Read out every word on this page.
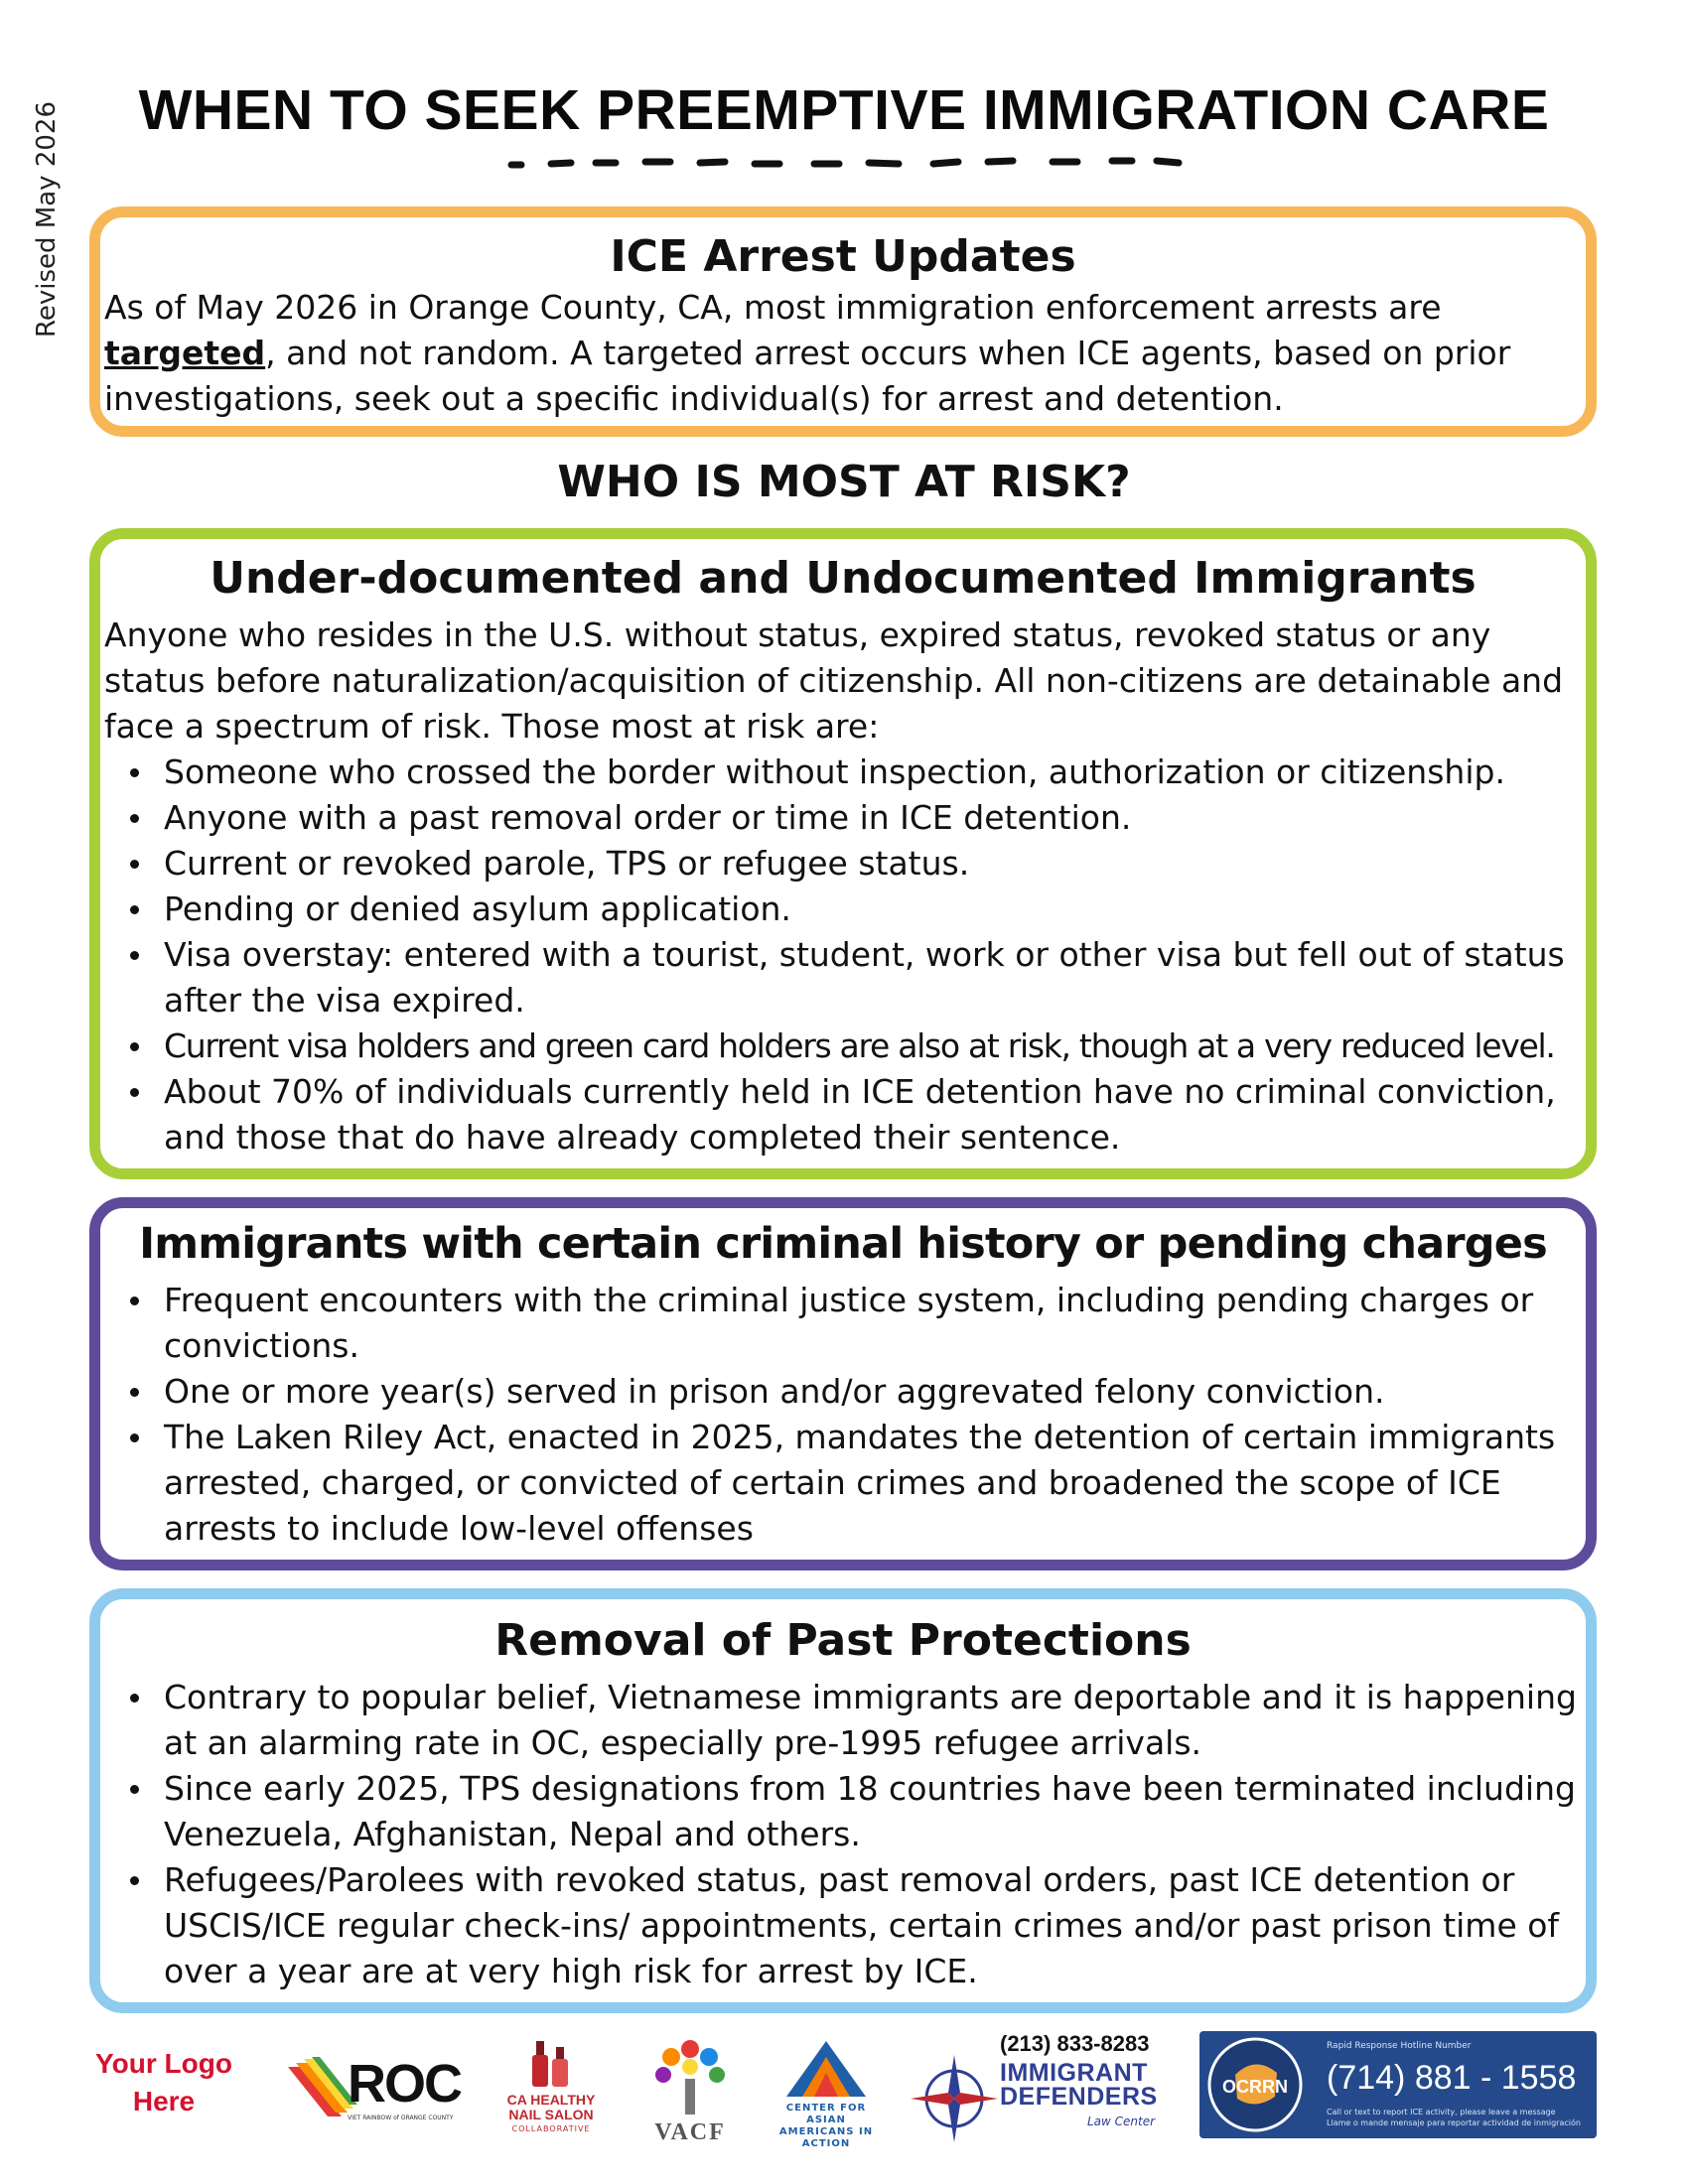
Revised May 2026	WHEN TO SEEK PREEMPTIVE IMMIGRATION CARE
ICE Arrest Updates

As of May 2026 in Orange County, CA, most immigration enforcement arrests are targeted, and not random. A targeted arrest occurs when ICE agents, based on prior investigations, seek out a specific individual(s) for arrest and detention.

WHO IS MOST AT RISK?
Under-documented and Undocumented Immigrants

Anyone who resides in the U.S. without status, expired status, revoked status or any status before naturalization/acquisition of citizenship. All non-citizens are detainable and face a spectrum of risk. Those most at risk are:

Someone who crossed the border without inspection, authorization or citizenship.
Anyone with a past removal order or time in ICE detention.
Current or revoked parole, TPS or refugee status.
Pending or denied asylum application.
Visa overstay: entered with a tourist, student, work or other visa but fell out of status after the visa expired.
Current visa holders and green card holders are also at risk, though at a very reduced level.
About 70% of individuals currently held in ICE detention have no criminal conviction, and those that do have already completed their sentence.
Immigrants with certain criminal history or pending charges
Frequent encounters with the criminal justice system, including pending charges or convictions.
One or more year(s) served in prison and/or aggrevated felony conviction.
The Laken Riley Act, enacted in 2025, mandates the detention of certain immigrants arrested, charged, or convicted of certain crimes and broadened the scope of ICE arrests to include low-level offenses
Removal of Past Protections
Contrary to popular belief, Vietnamese immigrants are deportable and it is happening at an alarming rate in OC, especially pre-1995 refugee arrivals.
Since early 2025, TPS designations from 18 countries have been terminated including Venezuela, Afghanistan, Nepal and others.
Refugees/Parolees with revoked status, past removal orders, past ICE detention or USCIS/ICE regular check-ins/ appointments, certain crimes and/or past prison time of over a year are at very high risk for arrest by ICE.
Your Logo Here	ROC
VIET RAINBOW of ORANGE COUNTY
CA HEALTHY NAIL SALON
COLLABORATIVE	VACF
CENTER FOR ASIAN AMERICANS IN ACTION
(213) 833-8283
IMMIGRANT DEFENDERS
Law Center
OCRRN
Rapid Response Hotline Number
(714) 881 - 1558
Call or text to report ICE activity, please leave a message
Llame o mande mensaje para reportar actividad de inmigración
